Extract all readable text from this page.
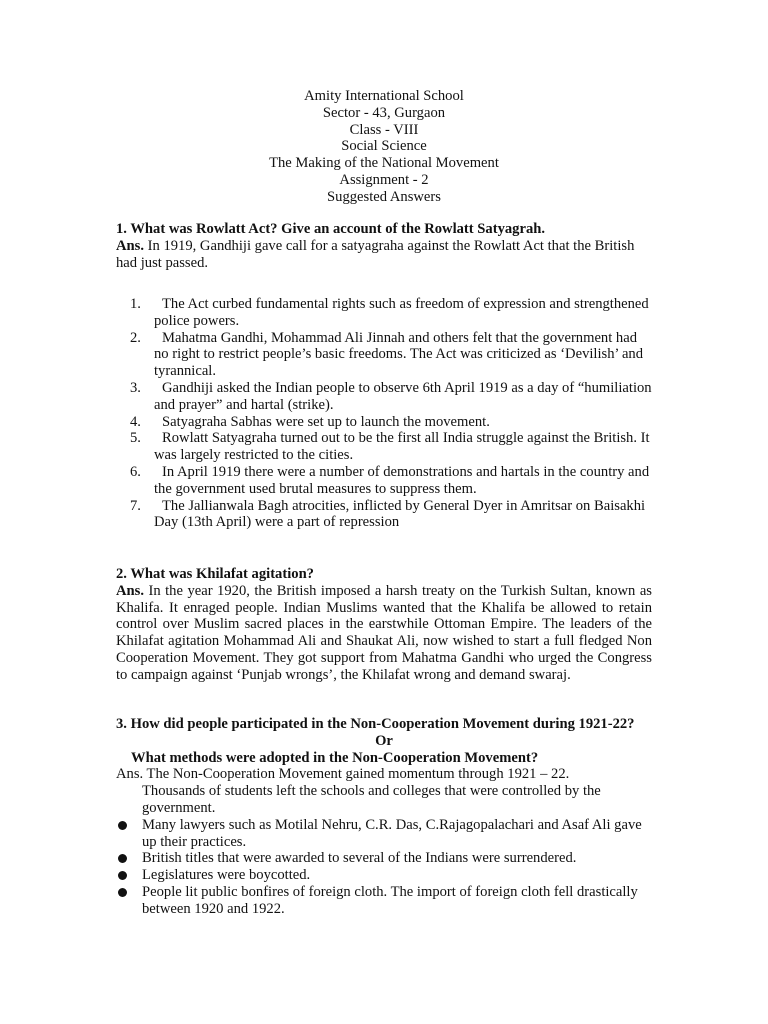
Amity International School
Sector - 43, Gurgaon
Class - VIII
Social Science
The Making of the National Movement
Assignment - 2
Suggested Answers
1. What was Rowlatt Act? Give an account of the Rowlatt Satyagrah.
Ans. In 1919, Gandhiji gave call for a satyagraha against the Rowlatt Act that the British had just passed.
1. The Act curbed fundamental rights such as freedom of expression and strengthened police powers.
2. Mahatma Gandhi, Mohammad Ali Jinnah and others felt that the government had no right to restrict people’s basic freedoms. The Act was criticized as ‘Devilish’ and tyrannical.
3. Gandhiji asked the Indian people to observe 6th April 1919 as a day of “humiliation and prayer” and hartal (strike).
4. Satyagraha Sabhas were set up to launch the movement.
5. Rowlatt Satyagraha turned out to be the first all India struggle against the British. It was largely restricted to the cities.
6. In April 1919 there were a number of demonstrations and hartals in the country and the government used brutal measures to suppress them.
7. The Jallianwala Bagh atrocities, inflicted by General Dyer in Amritsar on Baisakhi Day (13th April) were a part of repression
2. What was Khilafat agitation?
Ans. In the year 1920, the British imposed a harsh treaty on the Turkish Sultan, known as Khalifa. It enraged people. Indian Muslims wanted that the Khalifa be allowed to retain control over Muslim sacred places in the earstwhile Ottoman Empire. The leaders of the Khilafat agitation Mohammad Ali and Shaukat Ali, now wished to start a full fledged Non Cooperation Movement. They got support from Mahatma Gandhi who urged the Congress to campaign against ‘Punjab wrongs’, the Khilafat wrong and demand swaraj.
3. How did people participated in the Non-Cooperation Movement during 1921-22?
Or
What methods were adopted in the Non-Cooperation Movement?
Ans. The Non-Cooperation Movement gained momentum through 1921 – 22.
Thousands of students left the schools and colleges that were controlled by the government.
Many lawyers such as Motilal Nehru, C.R. Das, C.Rajagopalachari and Asaf Ali gave up their practices.
British titles that were awarded to several of the Indians were surrendered.
Legislatures were boycotted.
People lit public bonfires of foreign cloth. The import of foreign cloth fell drastically between 1920 and 1922.
